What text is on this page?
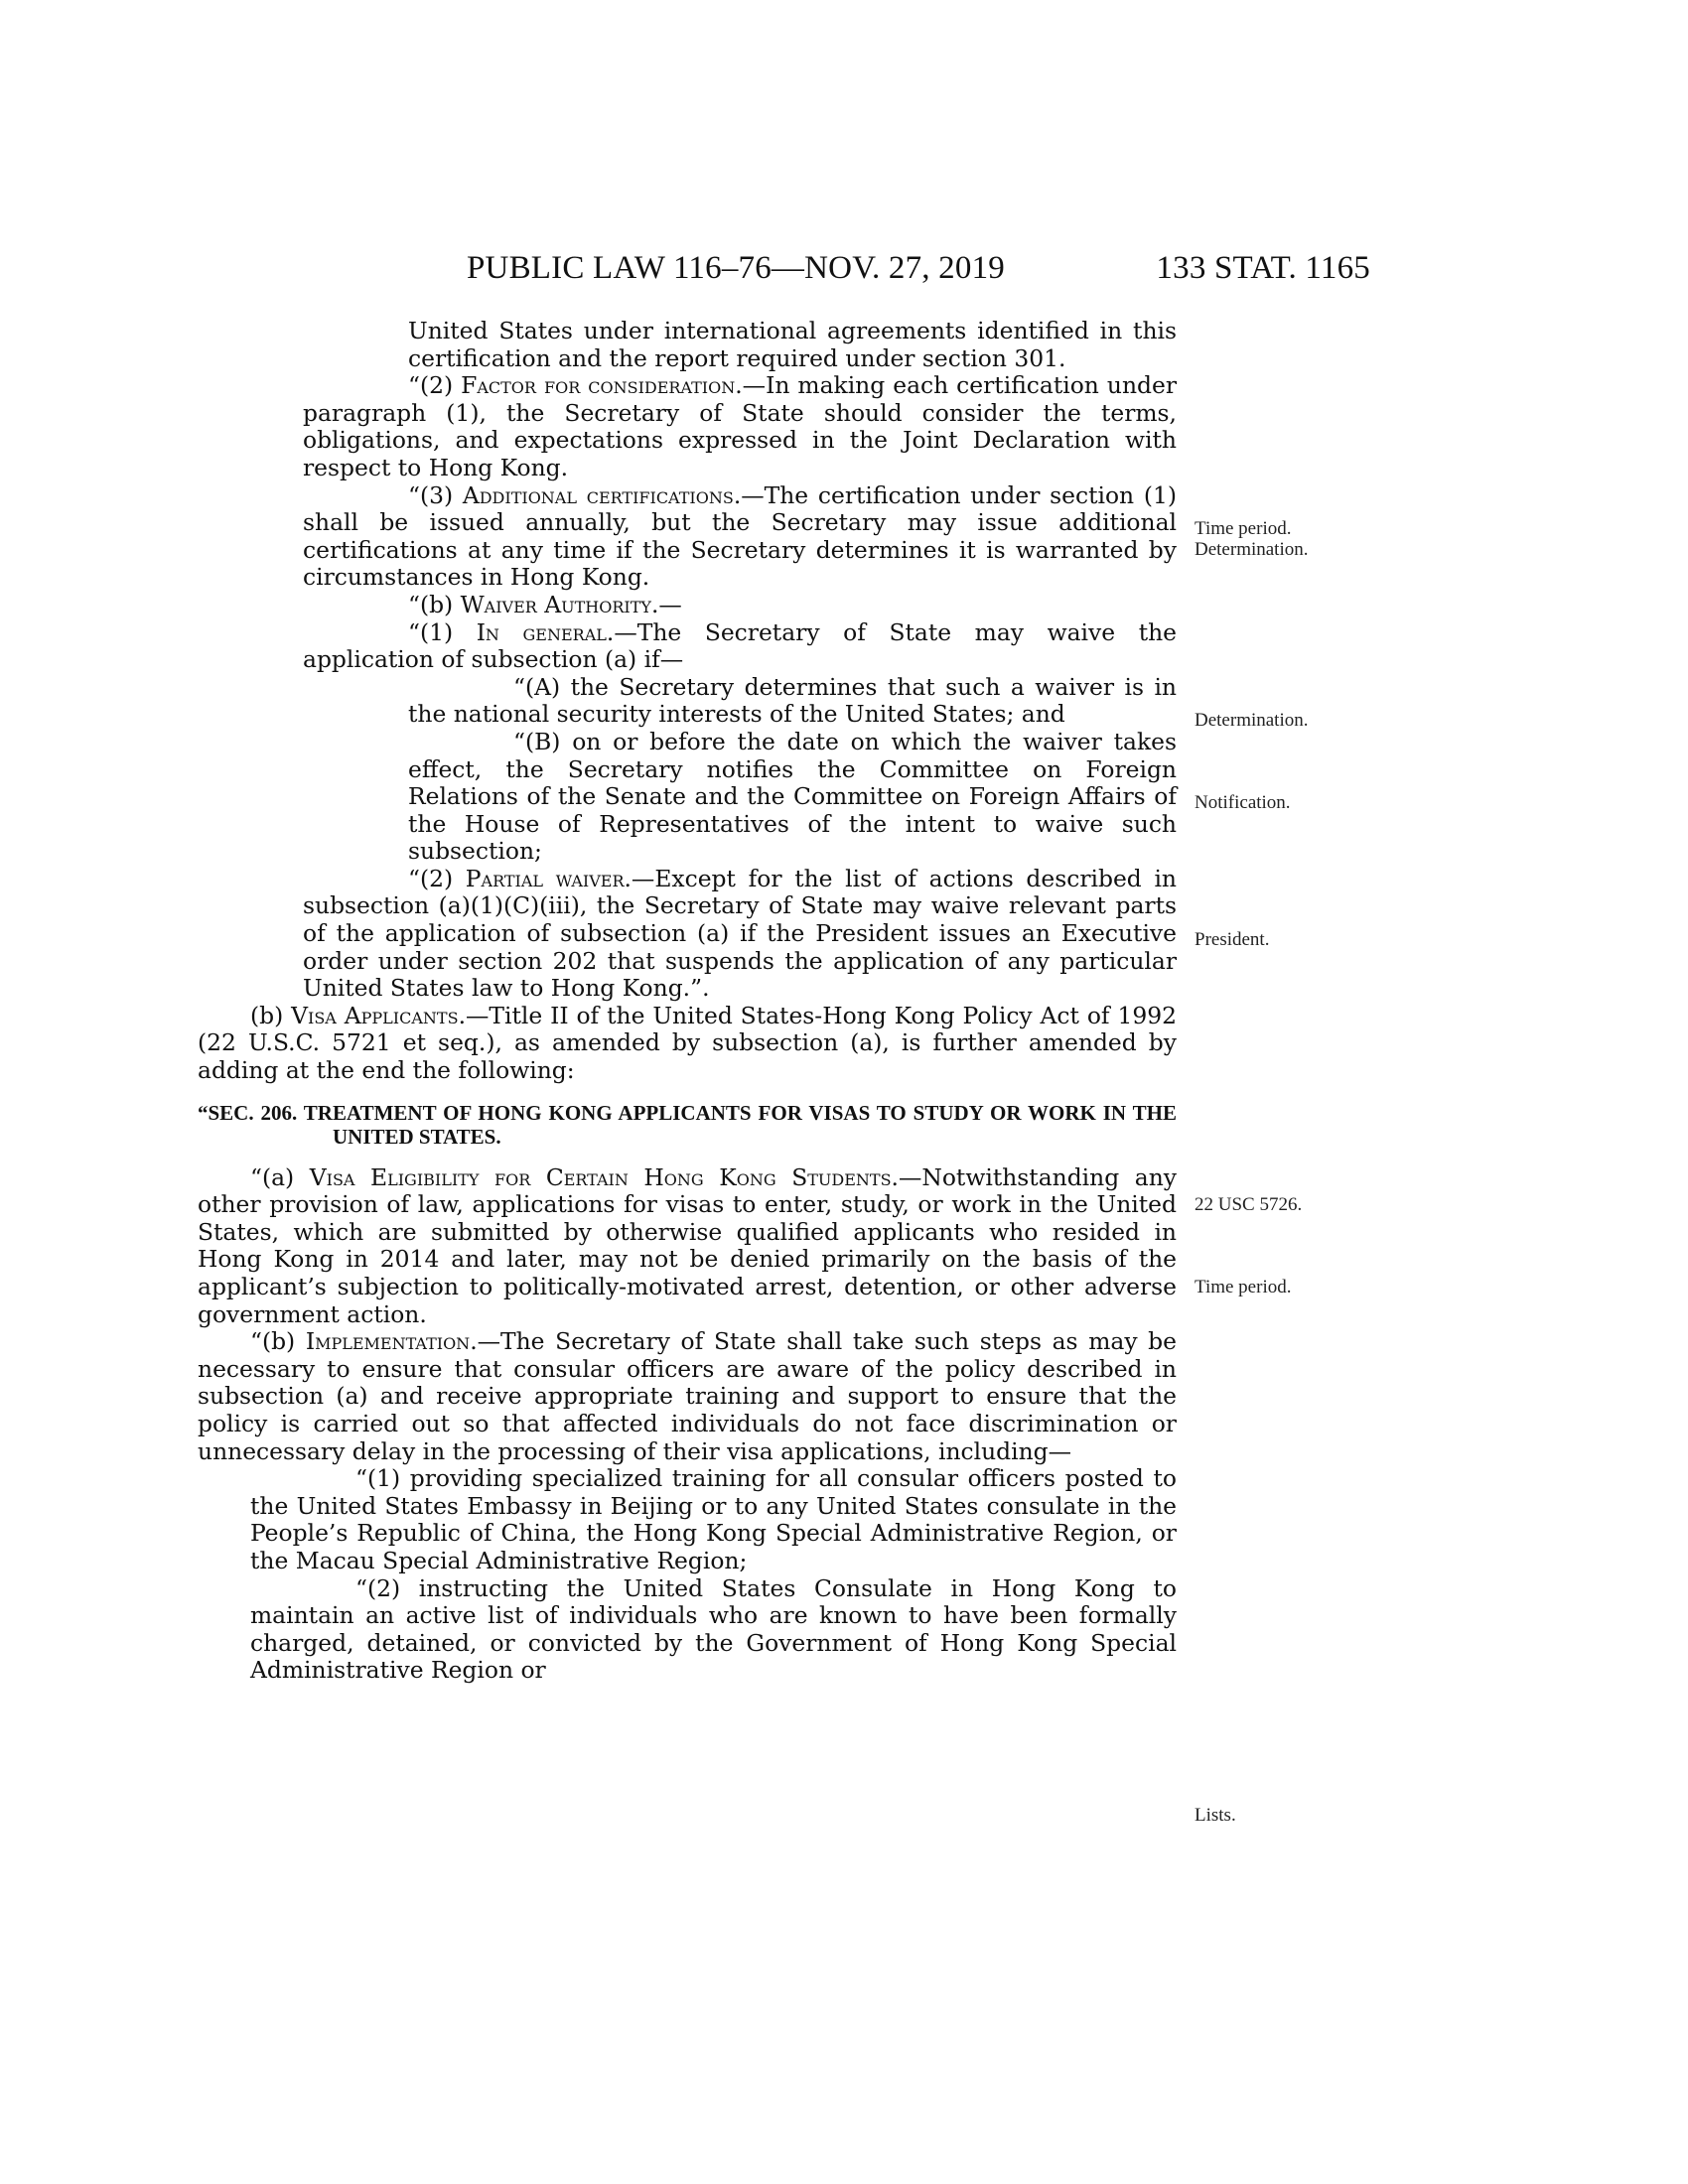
PUBLIC LAW 116–76—NOV. 27, 2019	133 STAT. 1165

United States under international agreements identified in this certification and the report required under section 301.

“(2) Factor for consideration.—In making each certification under paragraph (1), the Secretary of State should consider the terms, obligations, and expectations expressed in the Joint Declaration with respect to Hong Kong.

“(3) Additional certifications.—The certification under section (1) shall be issued annually, but the Secretary may issue additional certifications at any time if the Secretary determines it is warranted by circumstances in Hong Kong.

“(b) Waiver Authority.—

“(1) In general.—The Secretary of State may waive the application of subsection (a) if—

“(A) the Secretary determines that such a waiver is in the national security interests of the United States; and

“(B) on or before the date on which the waiver takes effect, the Secretary notifies the Committee on Foreign Relations of the Senate and the Committee on Foreign Affairs of the House of Representatives of the intent to waive such subsection;

“(2) Partial waiver.—Except for the list of actions described in subsection (a)(1)(C)(iii), the Secretary of State may waive relevant parts of the application of subsection (a) if the President issues an Executive order under section 202 that suspends the application of any particular United States law to Hong Kong.”.

(b) Visa Applicants.—Title II of the United States-Hong Kong Policy Act of 1992 (22 U.S.C. 5721 et seq.), as amended by subsection (a), is further amended by adding at the end the following:

“SEC. 206. TREATMENT OF HONG KONG APPLICANTS FOR VISAS TO STUDY OR WORK IN THE UNITED STATES.

“(a) Visa Eligibility for Certain Hong Kong Students.—Notwithstanding any other provision of law, applications for visas to enter, study, or work in the United States, which are submitted by otherwise qualified applicants who resided in Hong Kong in 2014 and later, may not be denied primarily on the basis of the applicant’s subjection to politically-motivated arrest, detention, or other adverse government action.

“(b) Implementation.—The Secretary of State shall take such steps as may be necessary to ensure that consular officers are aware of the policy described in subsection (a) and receive appropriate training and support to ensure that the policy is carried out so that affected individuals do not face discrimination or unnecessary delay in the processing of their visa applications, including—

“(1) providing specialized training for all consular officers posted to the United States Embassy in Beijing or to any United States consulate in the People’s Republic of China, the Hong Kong Special Administrative Region, or the Macau Special Administrative Region;

“(2) instructing the United States Consulate in Hong Kong to maintain an active list of individuals who are known to have been formally charged, detained, or convicted by the Government of Hong Kong Special Administrative Region or

Time period.
Determination.
Determination.
Notification.
President.
22 USC 5726.
Time period.
Lists.
